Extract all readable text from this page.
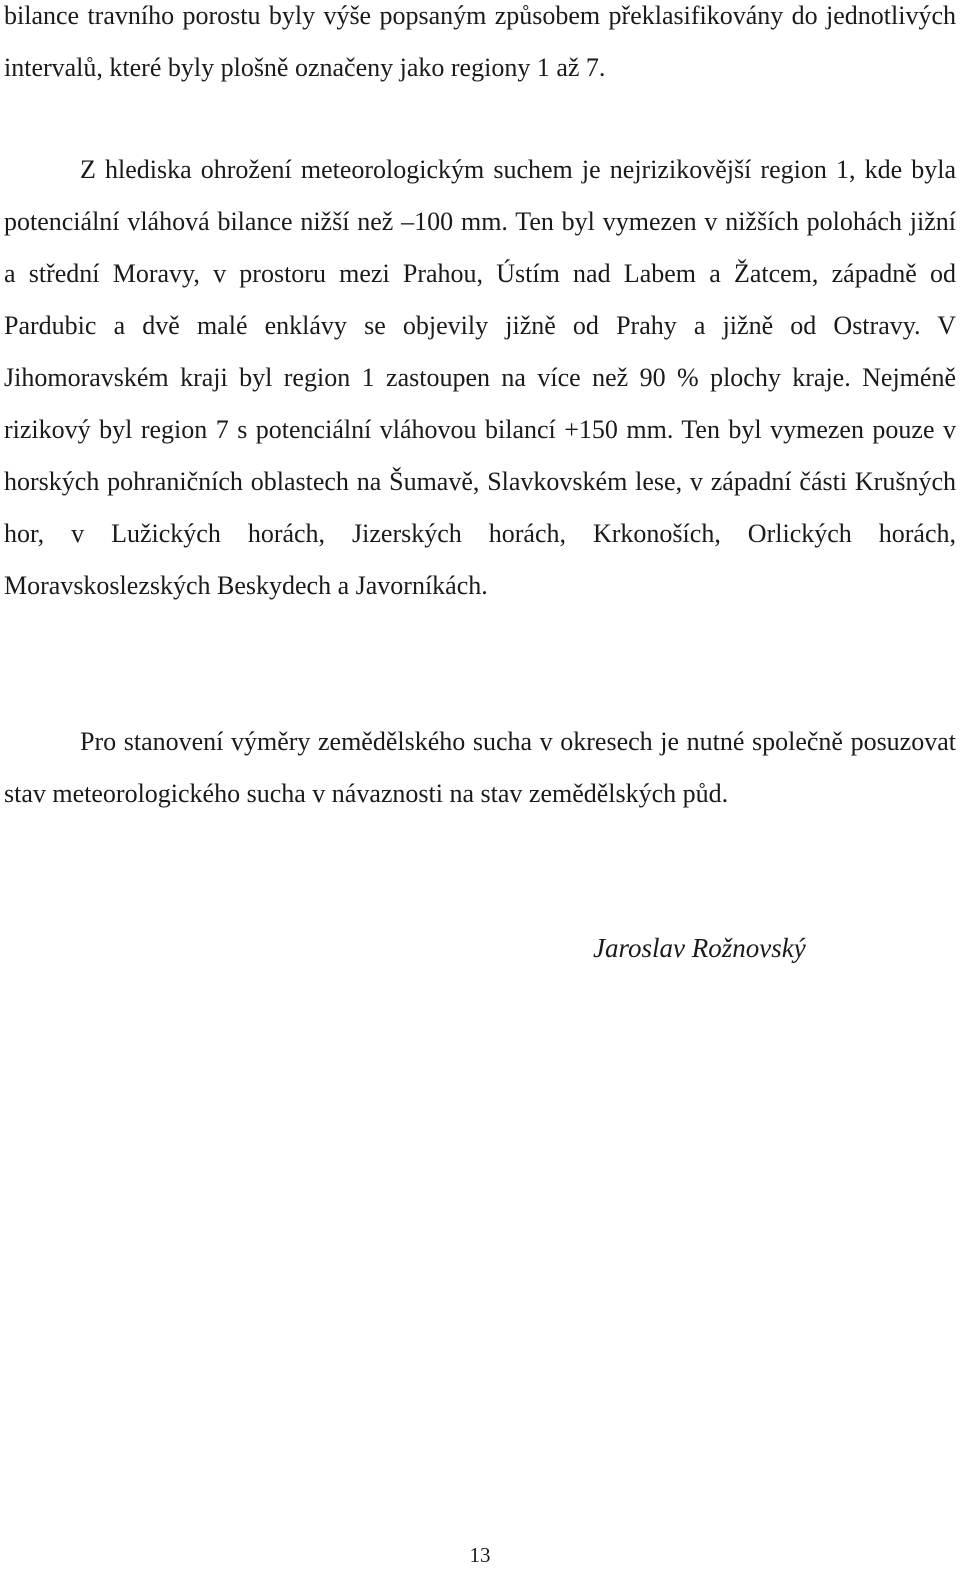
bilance travního porostu byly výše popsaným způsobem překlasifikovány do jednotlivých intervalů, které byly plošně označeny jako regiony 1 až 7.

Z hlediska ohrožení meteorologickým suchem je nejrizikovější region 1, kde byla potenciální vláhová bilance nižší než –100 mm. Ten byl vymezen v nižších polohách jižní a střední Moravy, v prostoru mezi Prahou, Ústím nad Labem a Žatcem, západně od Pardubic a dvě malé enklávy se objevily jižně od Prahy a jižně od Ostravy. V Jihomoravském kraji byl region 1 zastoupen na více než 90 % plochy kraje. Nejméně rizikový byl region 7 s potenciální vláhovou bilancí +150 mm. Ten byl vymezen pouze v horských pohraničních oblastech na Šumavě, Slavkovském lese, v západní části Krušných hor, v Lužických horách, Jizerských horách, Krkonoších, Orlických horách, Moravskoslezských Beskydech a Javorníkách.

Pro stanovení výměry zemědělského sucha v okresech je nutné společně posuzovat stav meteorologického sucha v návaznosti na stav zemědělských půd.

Jaroslav Rožnovský

13
